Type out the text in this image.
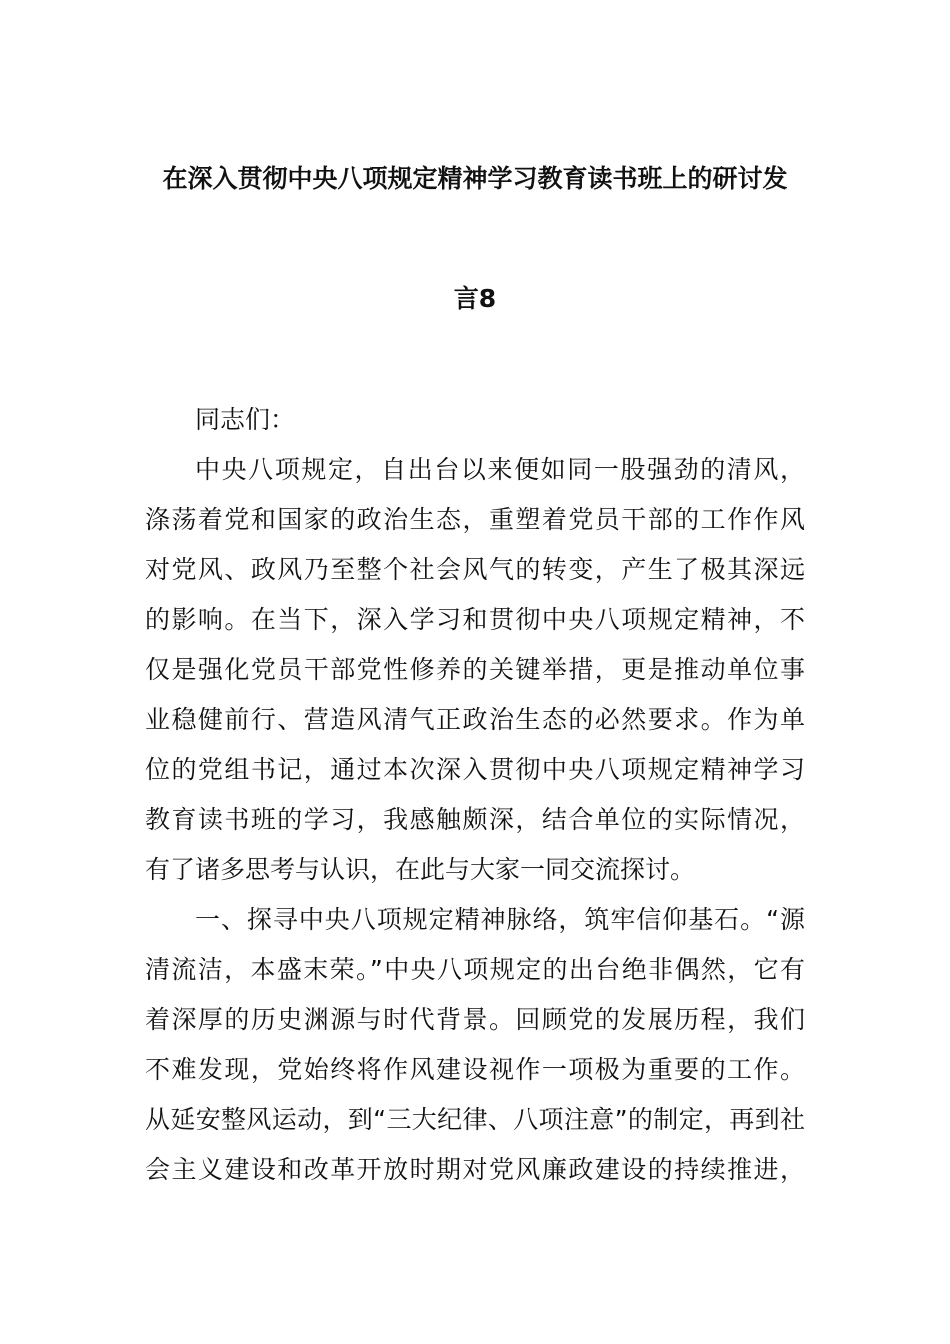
在深入贯彻中央八项规定精神学习教育读书班上的研讨发
言8
同志们：
中央八项规定，自出台以来便如同一股强劲的清风，
涤荡着党和国家的政治生态，重塑着党员干部的工作作风
对党风、政风乃至整个社会风气的转变，产生了极其深远
的影响。在当下，深入学习和贯彻中央八项规定精神，不
仅是强化党员干部党性修养的关键举措，更是推动单位事
业稳健前行、营造风清气正政治生态的必然要求。作为单
位的党组书记，通过本次深入贯彻中央八项规定精神学习
教育读书班的学习，我感触颇深，结合单位的实际情况，
有了诸多思考与认识，在此与大家一同交流探讨。
一、探寻中央八项规定精神脉络，筑牢信仰基石。“源
清流洁，本盛末荣。”中央八项规定的出台绝非偶然，它有
着深厚的历史渊源与时代背景。回顾党的发展历程，我们
不难发现，党始终将作风建设视作一项极为重要的工作。
从延安整风运动，到“三大纪律、八项注意”的制定，再到社
会主义建设和改革开放时期对党风廉政建设的持续推进，
